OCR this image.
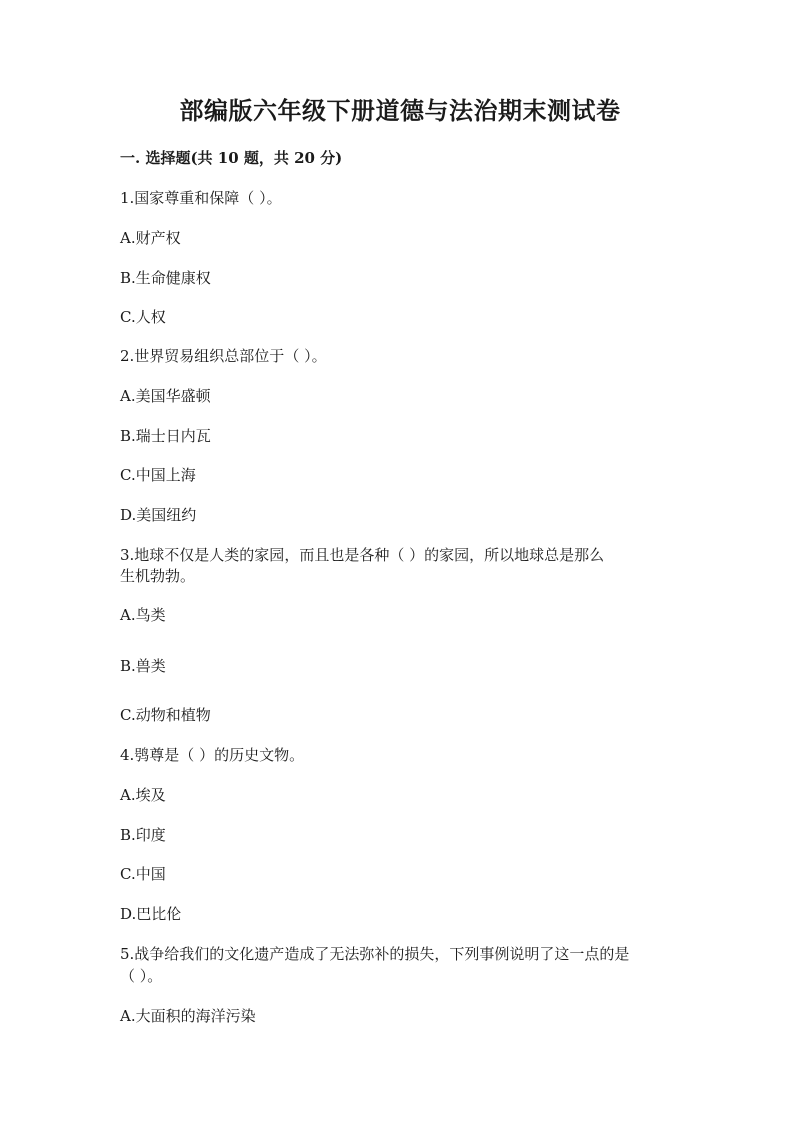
部编版六年级下册道德与法治期末测试卷
一. 选择题(共 10 题，共 20 分)
1.国家尊重和保障（ ）。
A.财产权
B.生命健康权
C.人权
2.世界贸易组织总部位于（ ）。
A.美国华盛顿
B.瑞士日内瓦
C.中国上海
D.美国纽约
3.地球不仅是人类的家园，而且也是各种（ ）的家园，所以地球总是那么
生机勃勃。
A.鸟类
B.兽类
C.动物和植物
4.鸮尊是（ ）的历史文物。
A.埃及
B.印度
C.中国
D.巴比伦
5.战争给我们的文化遗产造成了无法弥补的损失，下列事例说明了这一点的是
（ ）。
A.大面积的海洋污染
